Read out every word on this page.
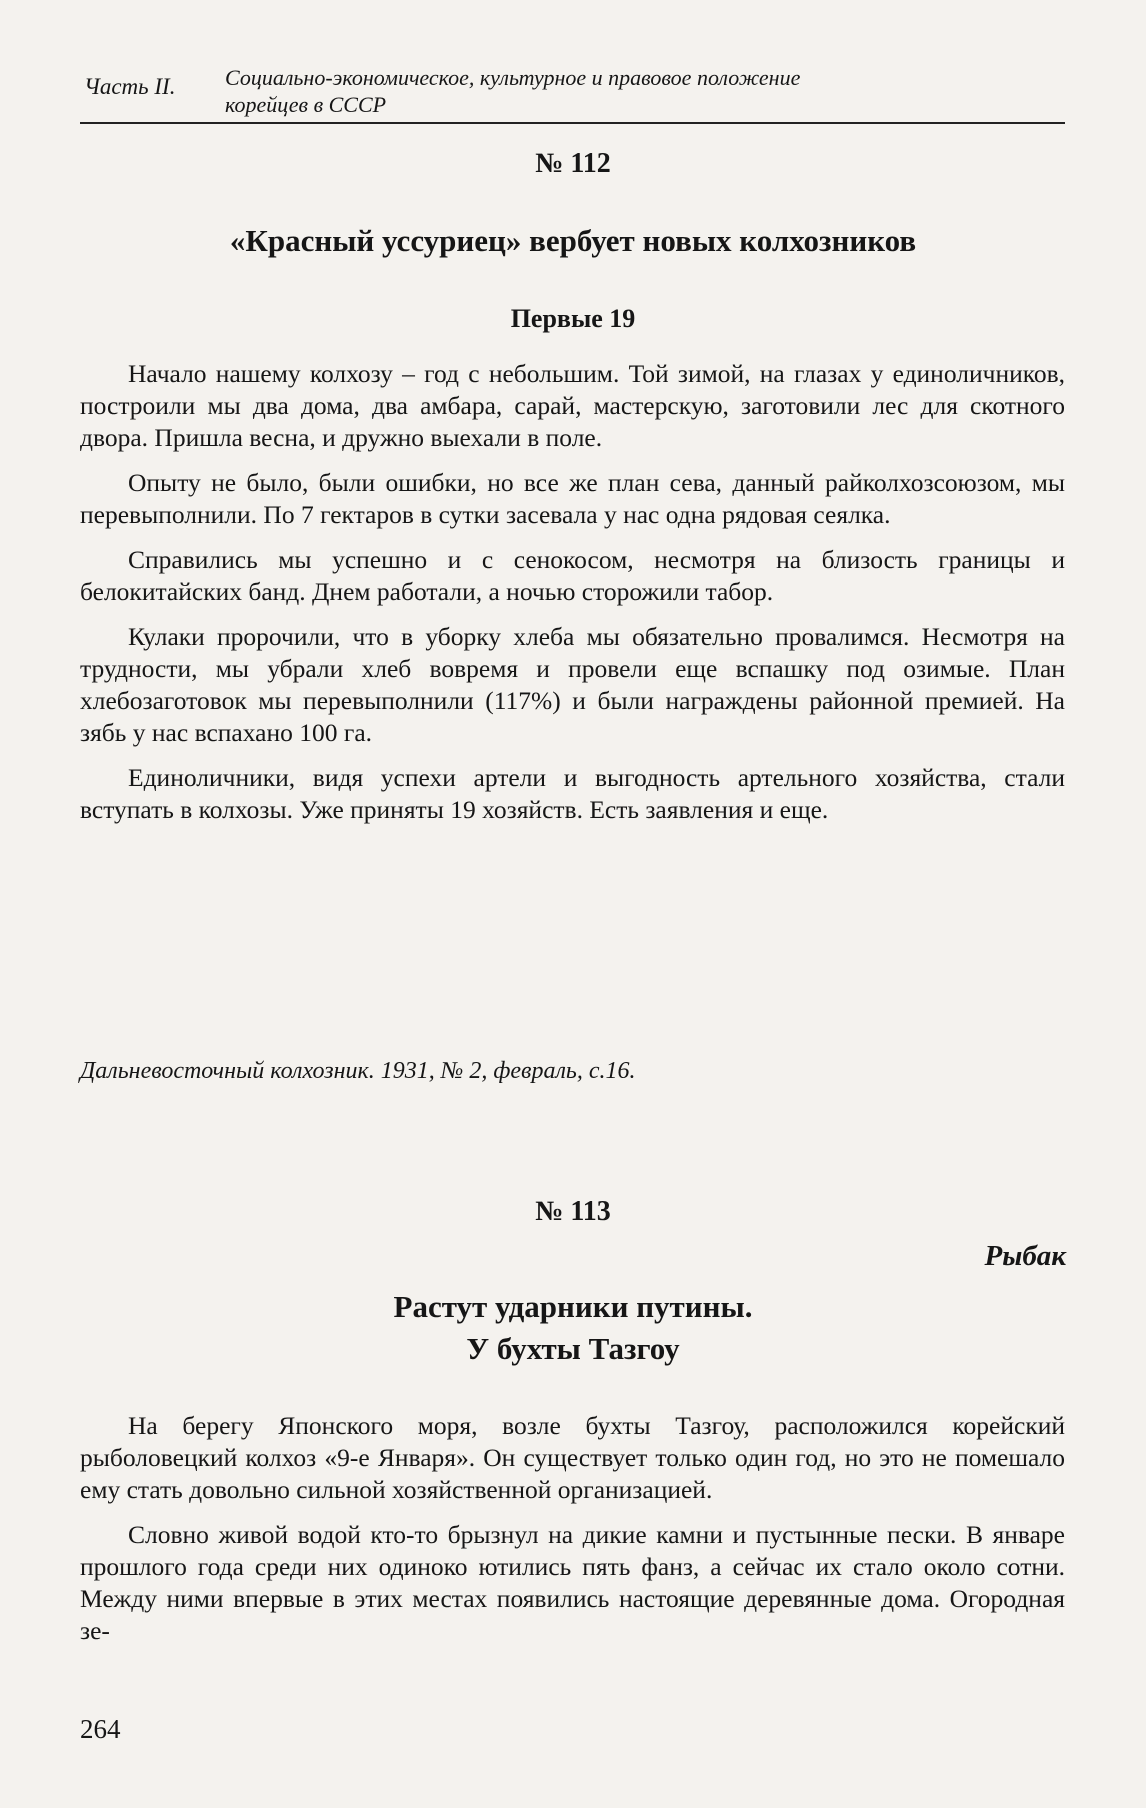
Часть II. Социально-экономическое, культурное и правовое положение
корейцев в СССР
№ 112
«Красный уссуриец» вербует новых колхозников
Первые 19

Начало нашему колхозу – год с небольшим. Той зимой, на глазах у единоличников, построили мы два дома, два амбара, сарай, мастерскую, заготовили лес для скотного двора. Пришла весна, и дружно выехали в поле.

Опыту не было, были ошибки, но все же план сева, данный райколхозсоюзом, мы перевыполнили. По 7 гектаров в сутки засевала у нас одна рядовая сеялка.

Справились мы успешно и с сенокосом, несмотря на близость границы и белокитайских банд. Днем работали, а ночью сторожили табор.

Кулаки пророчили, что в уборку хлеба мы обязательно провалимся. Несмотря на трудности, мы убрали хлеб вовремя и провели еще вспашку под озимые. План хлебозаготовок мы перевыполнили (117%) и были награждены районной премией. На зябь у нас вспахано 100 га.

Единоличники, видя успехи артели и выгодность артельного хозяйства, стали вступать в колхозы. Уже приняты 19 хозяйств. Есть заявления и еще.

Дальневосточный колхозник. 1931, № 2, февраль, с.16.
№ 113
Рыбак
Растут ударники путины.
У бухты Тазгоу

На берегу Японского моря, возле бухты Тазгоу, расположился корейский рыболовецкий колхоз «9-е Января». Он существует только один год, но это не помешало ему стать довольно сильной хозяйственной организацией.

Словно живой водой кто-то брызнул на дикие камни и пустынные пески. В январе прошлого года среди них одиноко ютились пять фанз, а сейчас их стало около сотни. Между ними впервые в этих местах появились настоящие деревянные дома. Огородная зе-

264
